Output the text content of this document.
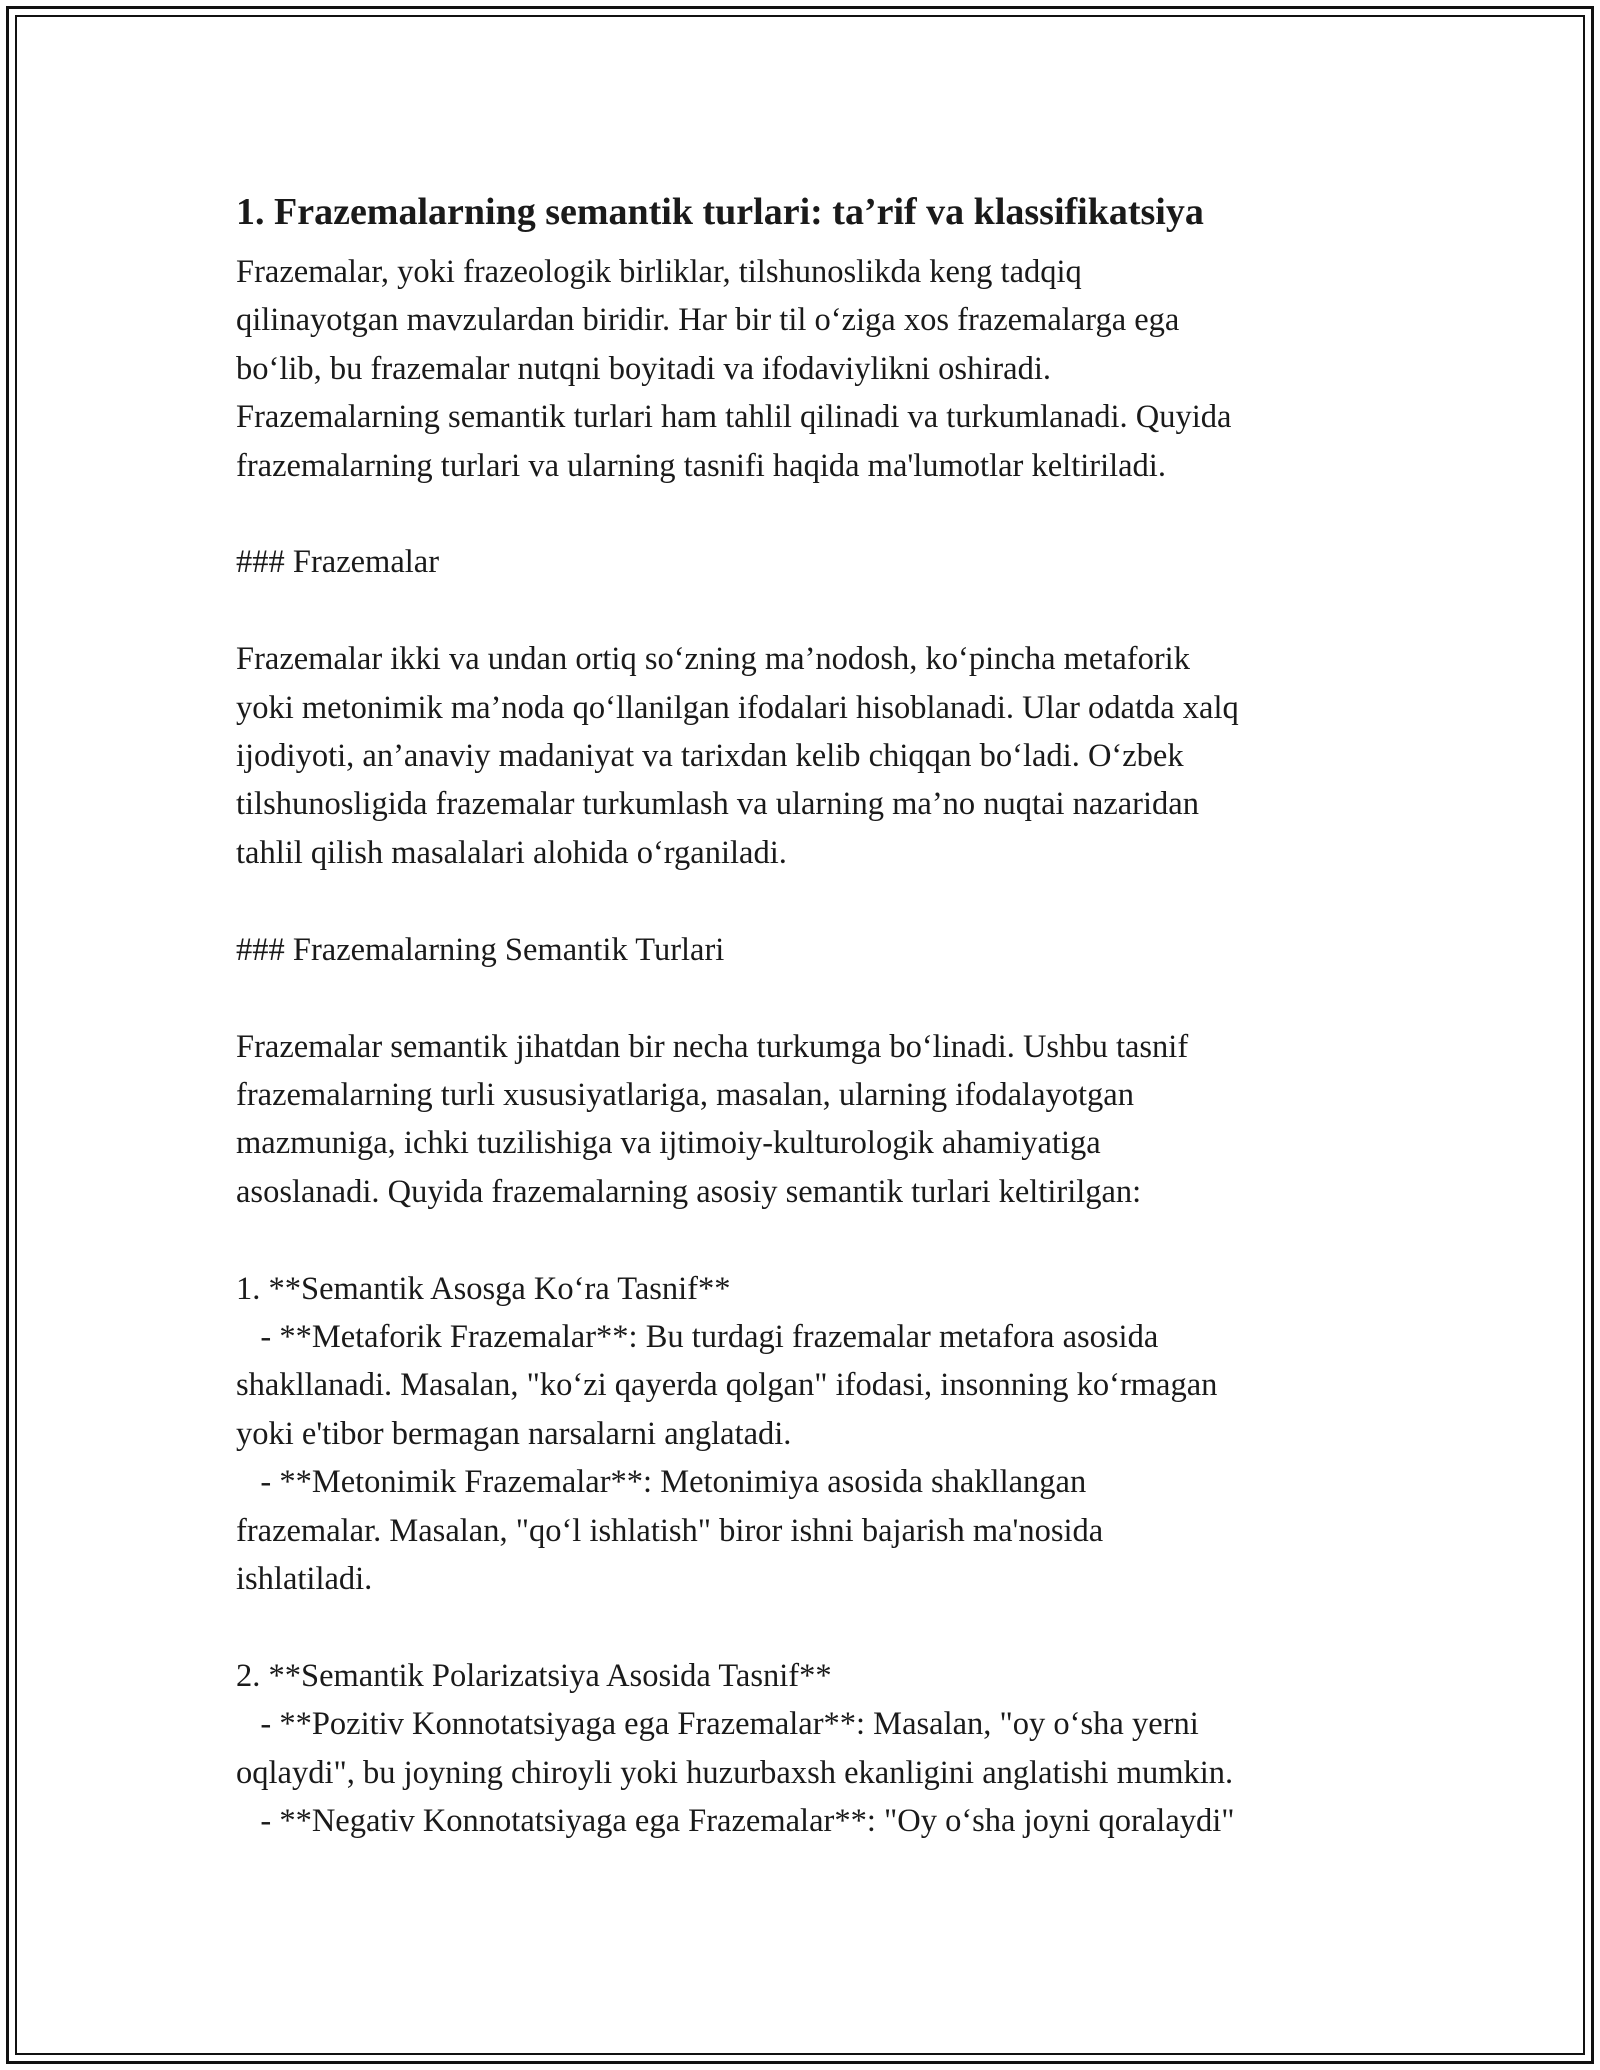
1. Frazemalarning semantik turlari: ta’rif va klassifikatsiya
Frazemalar, yoki frazeologik birliklar, tilshunoslikda keng tadqiq
qilinayotgan mavzulardan biridir. Har bir til o‘ziga xos frazemalarga ega
bo‘lib, bu frazemalar nutqni boyitadi va ifodaviylikni oshiradi.
Frazemalarning semantik turlari ham tahlil qilinadi va turkumlanadi. Quyida
frazemalarning turlari va ularning tasnifi haqida ma'lumotlar keltiriladi.

### Frazemalar

Frazemalar ikki va undan ortiq so‘zning ma’nodosh, ko‘pincha metaforik
yoki metonimik ma’noda qo‘llanilgan ifodalari hisoblanadi. Ular odatda xalq
ijodiyoti, an’anaviy madaniyat va tarixdan kelib chiqqan bo‘ladi. O‘zbek
tilshunosligida frazemalar turkumlash va ularning ma’no nuqtai nazaridan
tahlil qilish masalalari alohida o‘rganiladi.

### Frazemalarning Semantik Turlari

Frazemalar semantik jihatdan bir necha turkumga bo‘linadi. Ushbu tasnif
frazemalarning turli xususiyatlariga, masalan, ularning ifodalayotgan
mazmuniga, ichki tuzilishiga va ijtimoiy-kulturologik ahamiyatiga
asoslanadi. Quyida frazemalarning asosiy semantik turlari keltirilgan:

1. **Semantik Asosga Ko‘ra Tasnif**
- **Metaforik Frazemalar**: Bu turdagi frazemalar metafora asosida
shakllanadi. Masalan, "ko‘zi qayerda qolgan" ifodasi, insonning ko‘rmagan
yoki e'tibor bermagan narsalarni anglatadi.
- **Metonimik Frazemalar**: Metonimiya asosida shakllangan
frazemalar. Masalan, "qo‘l ishlatish" biror ishni bajarish ma'nosida
ishlatiladi.

2. **Semantik Polarizatsiya Asosida Tasnif**
- **Pozitiv Konnotatsiyaga ega Frazemalar**: Masalan, "oy o‘sha yerni
oqlaydi", bu joyning chiroyli yoki huzurbaxsh ekanligini anglatishi mumkin.
- **Negativ Konnotatsiyaga ega Frazemalar**: "Oy o‘sha joyni qoralaydi"
